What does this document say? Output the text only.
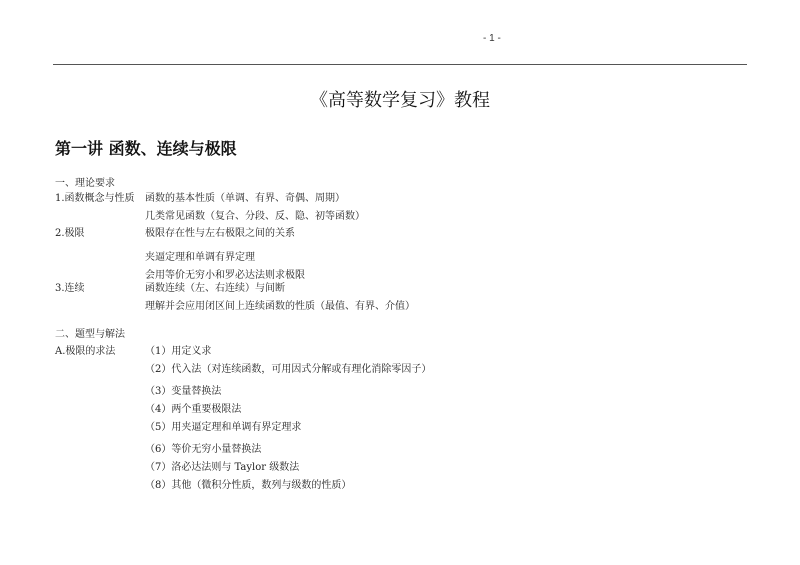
- 1 -
《高等数学复习》教程
第一讲 函数、连续与极限
一、理论要求
1.函数概念与性质	函数的基本性质（单调、有界、奇偶、周期）
几类常见函数（复合、分段、反、隐、初等函数）
2.极限	极限存在性与左右极限之间的关系
夹逼定理和单调有界定理
会用等价无穷小和罗必达法则求极限
3.连续	函数连续（左、右连续）与间断
理解并会应用闭区间上连续函数的性质（最值、有界、介值）
二、题型与解法
A.极限的求法	（1）用定义求
（2）代入法（对连续函数，可用因式分解或有理化消除零因子）
（3）变量替换法
（4）两个重要极限法
（5）用夹逼定理和单调有界定理求
（6）等价无穷小量替换法
（7）洛必达法则与 Taylor 级数法
（8）其他（微积分性质，数列与级数的性质）
